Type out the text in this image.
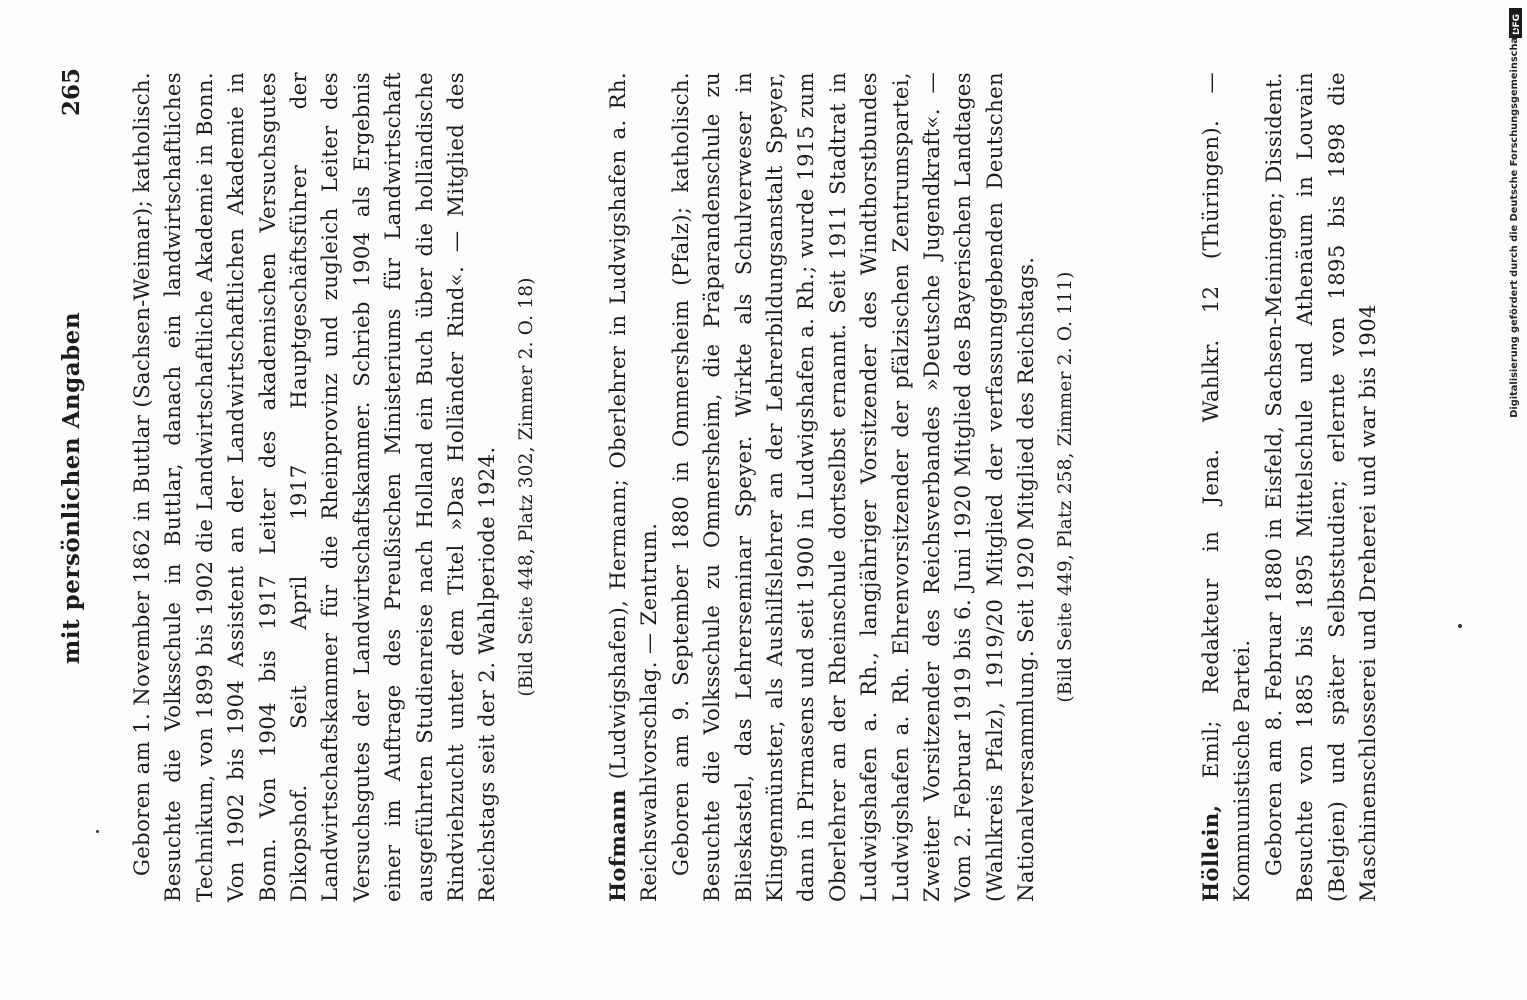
mit persönlichen Angaben
265 Geboren am 1. November 1862 in Buttlar (Sachsen-Weimar); katholisch. Besuchte die Volksschule in Buttlar, danach ein landwirtschaftliches Technikum, von 1899 bis 1902 die Landwirtschaftliche Akademie in Bonn. Von 1902 bis 1904 Assistent an der Landwirtschaftlichen Akademie in Bonn. Von 1904 bis 1917 Leiter des akademischen Versuchsgutes Dikopshof. Seit April 1917 Hauptgeschäftsführer der Landwirtschaftskammer für die Rheinprovinz und zugleich Leiter des Versuchsgutes der Landwirtschaftskammer. Schrieb 1904 als Ergebnis einer im Auftrage des Preußischen Ministeriums für Landwirtschaft ausgeführten Studienreise nach Holland ein Buch über die holländische Rindviehzucht unter dem Titel »Das Holländer Rind«. — Mitglied des Reichstags seit der 2. Wahlperiode 1924. (Bild Seite 448, Platz 302, Zimmer 2. O. 18)

Hofmann (Ludwigshafen), Hermann; Oberlehrer in Ludwigshafen a. Rh. Reichswahlvorschlag. — Zentrum. Geboren am 9. September 1880 in Ommersheim (Pfalz); katholisch. Besuchte die Volksschule zu Ommersheim, die Präparandenschule zu Blieskastel, das Lehrerseminar Speyer. Wirkte als Schulverweser in Klingenmünster, als Aushilfslehrer an der Lehrerbildungsanstalt Speyer, dann in Pirmasens und seit 1900 in Ludwigshafen a. Rh.; wurde 1915 zum Oberlehrer an der Rheinschule dortselbst ernannt. Seit 1911 Stadtrat in Ludwigshafen a. Rh., langjähriger Vorsitzender des Windthorstbundes Ludwigshafen a. Rh. Ehrenvorsitzender der pfälzischen Zentrumspartei, Zweiter Vorsitzender des Reichsverbandes »Deutsche Jugendkraft«. — Vom 2. Februar 1919 bis 6. Juni 1920 Mitglied des Bayerischen Landtages (Wahlkreis Pfalz), 1919/20 Mitglied der verfassunggebenden Deutschen Nationalversammlung. Seit 1920 Mitglied des Reichstags. (Bild Seite 449, Platz 258, Zimmer 2. O. 111)

Höllein, Emil; Redakteur in Jena. Wahlkr. 12 (Thüringen). — Kommunistische Partei. Geboren am 8. Februar 1880 in Eisfeld, Sachsen-Meiningen; Dissident. Besuchte von 1885 bis 1895 Mittelschule und Athenäum in Louvain (Belgien) und später Selbststudien; erlernte von 1895 bis 1898 die Maschinenschlosserei und Dreherei und war bis 1904

DFG
Digitalisierung gefördert durch die Deutsche Forschungsgemeinschaft
